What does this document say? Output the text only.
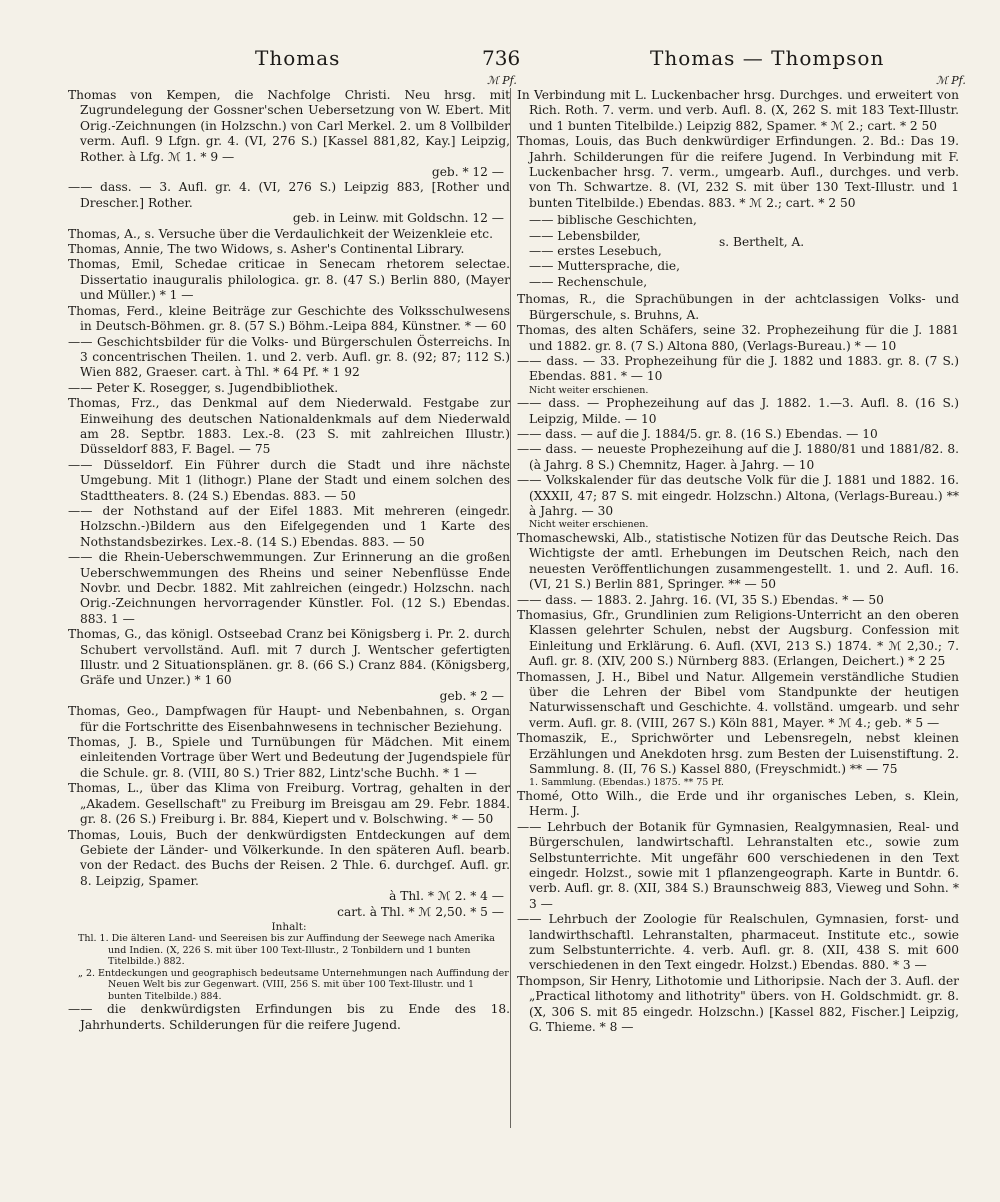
Thomas	736	Thomas — Thompson
ℳ Pf.	ℳ Pf.
Thomas von Kempen, die Nachfolge Christi. Neu hrsg. mit Zugrundelegung der Gossner'schen Uebersetzung von W. Ebert. Mit Orig.-Zeichnungen (in Holzschn.) von Carl Merkel. 2. um 8 Vollbilder verm. Aufl. 9 Lfgn. gr. 4. (VI, 276 S.) [Kassel 881,82, Kay.] Leipzig, Rother. à Lfg. ℳ 1. * 9 —
geb. * 12 —
—— dass. — 3. Aufl. gr. 4. (VI, 276 S.) Leipzig 883, [Rother und Drescher.] Rother.
geb. in Leinw. mit Goldschn. 12 —
Thomas, A., s. Versuche über die Verdaulichkeit der Weizenkleie etc.
Thomas, Annie, The two Widows, s. Asher's Continental Library.
Thomas, Emil, Schedae criticae in Senecam rhetorem selectae. Dissertatio inauguralis philologica. gr. 8. (47 S.) Berlin 880, (Mayer und Müller.) * 1 —
Thomas, Ferd., kleine Beiträge zur Geschichte des Volksschulwesens in Deutsch-Böhmen. gr. 8. (57 S.) Böhm.-Leipa 884, Künstner. * — 60
—— Geschichtsbilder für die Volks- und Bürgerschulen Österreichs. In 3 concentrischen Theilen. 1. und 2. verb. Aufl. gr. 8. (92; 87; 112 S.) Wien 882, Graeser. cart. à Thl. * 64 Pf. * 1 92
—— Peter K. Rosegger, s. Jugendbibliothek.
Thomas, Frz., das Denkmal auf dem Niederwald. Festgabe zur Einweihung des deutschen Nationaldenkmals auf dem Niederwald am 28. Septbr. 1883. Lex.-8. (23 S. mit zahlreichen Illustr.) Düsseldorf 883, F. Bagel. — 75
—— Düsseldorf. Ein Führer durch die Stadt und ihre nächste Umgebung. Mit 1 (lithogr.) Plane der Stadt und einem solchen des Stadttheaters. 8. (24 S.) Ebendas. 883. — 50
—— der Nothstand auf der Eifel 1883. Mit mehreren (eingedr. Holzschn.-)Bildern aus den Eifelgegenden und 1 Karte des Nothstandsbezirkes. Lex.-8. (14 S.) Ebendas. 883. — 50
—— die Rhein-Ueberschwemmungen. Zur Erinnerung an die großen Ueberschwemmungen des Rheins und seiner Nebenflüsse Ende Novbr. und Decbr. 1882. Mit zahlreichen (eingedr.) Holzschn. nach Orig.-Zeichnungen hervorragender Künstler. Fol. (12 S.) Ebendas. 883. 1 —
Thomas, G., das königl. Ostseebad Cranz bei Königsberg i. Pr. 2. durch Schubert vervollständ. Aufl. mit 7 durch J. Wentscher gefertigten Illustr. und 2 Situationsplänen. gr. 8. (66 S.) Cranz 884. (Königsberg, Gräfe und Unzer.) * 1 60
geb. * 2 —
Thomas, Geo., Dampfwagen für Haupt- und Nebenbahnen, s. Organ für die Fortschritte des Eisenbahnwesens in technischer Beziehung.
Thomas, J. B., Spiele und Turnübungen für Mädchen. Mit einem einleitenden Vortrage über Wert und Bedeutung der Jugendspiele für die Schule. gr. 8. (VIII, 80 S.) Trier 882, Lintz'sche Buchh. * 1 —
Thomas, L., über das Klima von Freiburg. Vortrag, gehalten in der „Akadem. Gesellschaft" zu Freiburg im Breisgau am 29. Febr. 1884. gr. 8. (26 S.) Freiburg i. Br. 884, Kiepert und v. Bolschwing. * — 50
Thomas, Louis, Buch der denkwürdigsten Entdeckungen auf dem Gebiete der Länder- und Völkerkunde. In den späteren Aufl. bearb. von der Redact. des Buchs der Reisen. 2 Thle. 6. durchgeſ. Aufl. gr. 8. Leipzig, Spamer.
à Thl. * ℳ 2. * 4 —
cart. à Thl. * ℳ 2,50. * 5 —
Inhalt:
Thl. 1. Die älteren Land- und Seereisen bis zur Auffindung der Seewege nach Amerika und Indien. (X, 226 S. mit über 100 Text-Illustr., 2 Tonbildern und 1 bunten Titelbilde.) 882.
„ 2. Entdeckungen und geographisch bedeutsame Unternehmungen nach Auffindung der Neuen Welt bis zur Gegenwart. (VIII, 256 S. mit über 100 Text-Illustr. und 1 bunten Titelbilde.) 884.
—— die denkwürdigsten Erfindungen bis zu Ende des 18. Jahrhunderts. Schilderungen für die reifere Jugend.
In Verbindung mit L. Luckenbacher hrsg. Durchges. und erweitert von Rich. Roth. 7. verm. und verb. Aufl. 8. (X, 262 S. mit 183 Text-Illustr. und 1 bunten Titelbilde.) Leipzig 882, Spamer. * ℳ 2.; cart. * 2 50
Thomas, Louis, das Buch denkwürdiger Erfindungen. 2. Bd.: Das 19. Jahrh. Schilderungen für die reifere Jugend. In Verbindung mit F. Luckenbacher hrsg. 7. verm., umgearb. Aufl., durchges. und verb. von Th. Schwartze. 8. (VI, 232 S. mit über 130 Text-Illustr. und 1 bunten Titelbilde.) Ebendas. 883. * ℳ 2.; cart. * 2 50
—— biblische Geschichten,
—— Lebensbilder,
—— erstes Lesebuch,
—— Muttersprache, die,
—— Rechenschule,
s. Berthelt, A.
Thomas, R., die Sprachübungen in der achtclassigen Volks- und Bürgerschule, s. Bruhns, A.
Thomas, des alten Schäfers, seine 32. Prophezeihung für die J. 1881 und 1882. gr. 8. (7 S.) Altona 880, (Verlags-Bureau.) * — 10
—— dass. — 33. Prophezeihung für die J. 1882 und 1883. gr. 8. (7 S.) Ebendas. 881. * — 10
Nicht weiter erschienen.
—— dass. — Prophezeihung auf das J. 1882. 1.—3. Aufl. 8. (16 S.) Leipzig, Milde. — 10
—— dass. — auf die J. 1884/5. gr. 8. (16 S.) Ebendas. — 10
—— dass. — neueste Prophezeihung auf die J. 1880/81 und 1881/82. 8. (à Jahrg. 8 S.) Chemnitz, Hager. à Jahrg. — 10
—— Volkskalender für das deutsche Volk für die J. 1881 und 1882. 16. (XXXII, 47; 87 S. mit eingedr. Holzschn.) Altona, (Verlags-Bureau.) ** à Jahrg. — 30
Nicht weiter erschienen.
Thomaschewski, Alb., statistische Notizen für das Deutsche Reich. Das Wichtigste der amtl. Erhebungen im Deutschen Reich, nach den neuesten Veröffentlichungen zusammengestellt. 1. und 2. Aufl. 16. (VI, 21 S.) Berlin 881, Springer. ** — 50
—— dass. — 1883. 2. Jahrg. 16. (VI, 35 S.) Ebendas. * — 50
Thomasius, Gfr., Grundlinien zum Religions-Unterricht an den oberen Klassen gelehrter Schulen, nebst der Augsburg. Confession mit Einleitung und Erklärung. 6. Aufl. (XVI, 213 S.) 1874. * ℳ 2,30.; 7. Aufl. gr. 8. (XIV, 200 S.) Nürnberg 883. (Erlangen, Deichert.) * 2 25
Thomassen, J. H., Bibel und Natur. Allgemein verständliche Studien über die Lehren der Bibel vom Standpunkte der heutigen Naturwissenschaft und Geschichte. 4. vollständ. umgearb. und sehr verm. Aufl. gr. 8. (VIII, 267 S.) Köln 881, Mayer. * ℳ 4.; geb. * 5 —
Thomaszik, E., Sprichwörter und Lebensregeln, nebst kleinen Erzählungen und Anekdoten hrsg. zum Besten der Luisenstiftung. 2. Sammlung. 8. (II, 76 S.) Kassel 880, (Freyschmidt.) ** — 75
1. Sammlung. (Ebendas.) 1875. ** 75 Pf.
Thomé, Otto Wilh., die Erde und ihr organisches Leben, s. Klein, Herm. J.
—— Lehrbuch der Botanik für Gymnasien, Realgymnasien, Real- und Bürgerschulen, landwirtschaftl. Lehranstalten etc., sowie zum Selbstunterrichte. Mit ungefähr 600 verschiedenen in den Text eingedr. Holzst., sowie mit 1 pflanzengeograph. Karte in Buntdr. 6. verb. Aufl. gr. 8. (XII, 384 S.) Braunschweig 883, Vieweg und Sohn. * 3 —
—— Lehrbuch der Zoologie für Realschulen, Gymnasien, forst- und landwirthschaftl. Lehranstalten, pharmaceut. Institute etc., sowie zum Selbstunterrichte. 4. verb. Aufl. gr. 8. (XII, 438 S. mit 600 verschiedenen in den Text eingedr. Holzst.) Ebendas. 880. * 3 —
Thompson, Sir Henry, Lithotomie und Lithoripsie. Nach der 3. Aufl. der „Practical lithotomy and lithotrity" übers. von H. Goldschmidt. gr. 8. (X, 306 S. mit 85 eingedr. Holzschn.) [Kassel 882, Fischer.] Leipzig, G. Thieme. * 8 —
